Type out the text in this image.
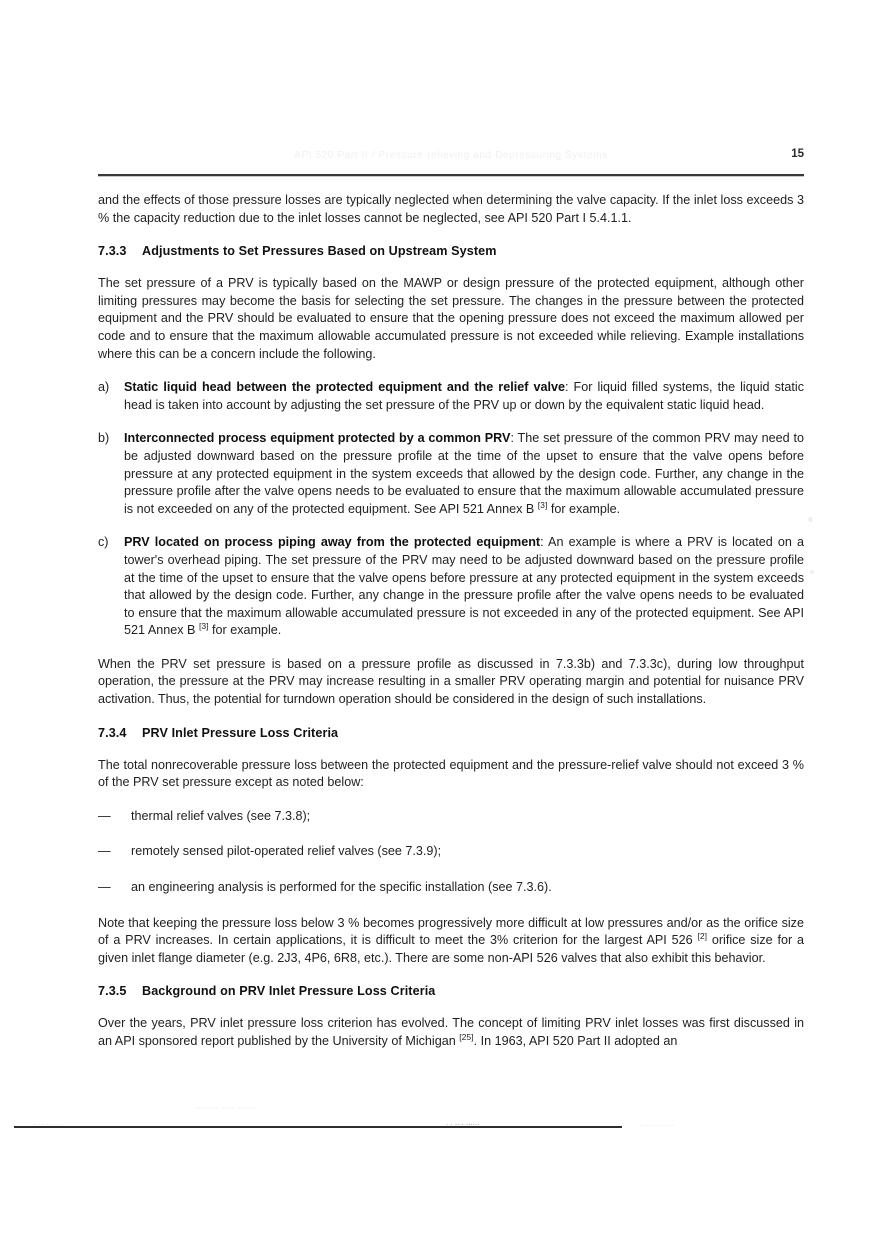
API 520 Part II / Pressure-relieving and Depressuring Systems	15

and the effects of those pressure losses are typically neglected when determining the valve capacity. If the inlet loss exceeds 3 % the capacity reduction due to the inlet losses cannot be neglected, see API 520 Part I 5.4.1.1.

7.3.3 Adjustments to Set Pressures Based on Upstream System

The set pressure of a PRV is typically based on the MAWP or design pressure of the protected equipment, although other limiting pressures may become the basis for selecting the set pressure. The changes in the pressure between the protected equipment and the PRV should be evaluated to ensure that the opening pressure does not exceed the maximum allowed per code and to ensure that the maximum allowable accumulated pressure is not exceeded while relieving. Example installations where this can be a concern include the following.

a)	Static liquid head between the protected equipment and the relief valve: For liquid filled systems, the liquid static head is taken into account by adjusting the set pressure of the PRV up or down by the equivalent static liquid head.
b)	Interconnected process equipment protected by a common PRV: The set pressure of the common PRV may need to be adjusted downward based on the pressure profile at the time of the upset to ensure that the valve opens before pressure at any protected equipment in the system exceeds that allowed by the design code. Further, any change in the pressure profile after the valve opens needs to be evaluated to ensure that the maximum allowable accumulated pressure is not exceeded on any of the protected equipment. See API 521 Annex B [3] for example.
c)	PRV located on process piping away from the protected equipment: An example is where a PRV is located on a tower's overhead piping. The set pressure of the PRV may need to be adjusted downward based on the pressure profile at the time of the upset to ensure that the valve opens before pressure at any protected equipment in the system exceeds that allowed by the design code. Further, any change in the pressure profile after the valve opens needs to be evaluated to ensure that the maximum allowable accumulated pressure is not exceeded in any of the protected equipment. See API 521 Annex B [3] for example.

When the PRV set pressure is based on a pressure profile as discussed in 7.3.3b) and 7.3.3c), during low throughput operation, the pressure at the PRV may increase resulting in a smaller PRV operating margin and potential for nuisance PRV activation. Thus, the potential for turndown operation should be considered in the design of such installations.

7.3.4 PRV Inlet Pressure Loss Criteria

The total nonrecoverable pressure loss between the protected equipment and the pressure-relief valve should not exceed 3 % of the PRV set pressure except as noted below:

— thermal relief valves (see 7.3.8);
— remotely sensed pilot-operated relief valves (see 7.3.9);
— an engineering analysis is performed for the specific installation (see 7.3.6).

Note that keeping the pressure loss below 3 % becomes progressively more difficult at low pressures and/or as the orifice size of a PRV increases. In certain applications, it is difficult to meet the 3% criterion for the largest API 526 [2] orifice size for a given inlet flange diameter (e.g. 2J3, 4P6, 6R8, etc.). There are some non-API 526 valves that also exhibit this behavior.

7.3.5 Background on PRV Inlet Pressure Loss Criteria

Over the years, PRV inlet pressure loss criterion has evolved. The concept of limiting PRV inlet losses was first discussed in an API sponsored report published by the University of Michigan [25]. In 1963, API 520 Part II adopted an

~~~~~ ~~~ ~~~~
. . . . . . . .	. . .. . ......	. ... . . . . ..
